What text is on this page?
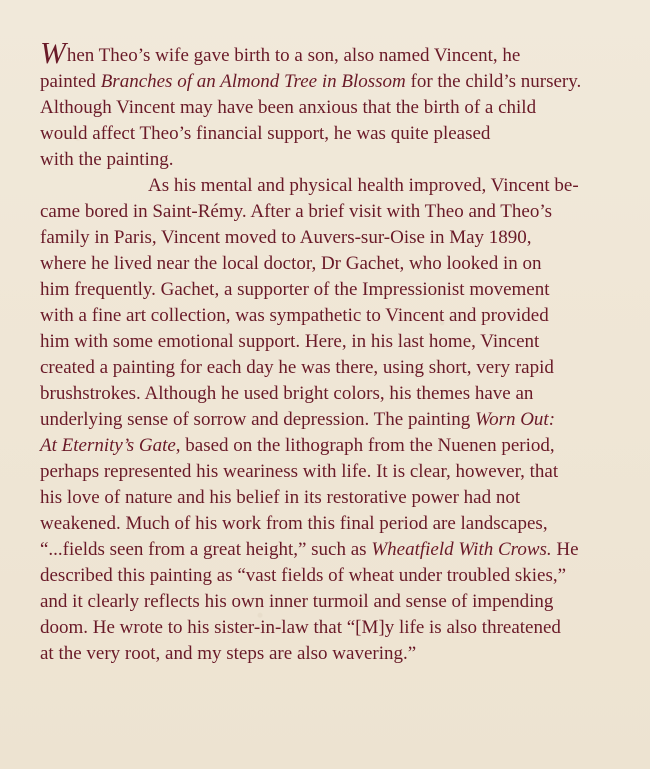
When Theo’s wife gave birth to a son, also named Vincent, he
painted Branches of an Almond Tree in Blossom for the child’s nursery.
Although Vincent may have been anxious that the birth of a child
would affect Theo’s financial support, he was quite pleased
with the painting.
As his mental and physical health improved, Vincent be-
came bored in Saint-Rémy. After a brief visit with Theo and Theo’s
family in Paris, Vincent moved to Auvers-sur-Oise in May 1890,
where he lived near the local doctor, Dr Gachet, who looked in on
him frequently. Gachet, a supporter of the Impressionist movement
with a fine art collection, was sympathetic to Vincent and provided
him with some emotional support. Here, in his last home, Vincent
created a painting for each day he was there, using short, very rapid
brushstrokes. Although he used bright colors, his themes have an
underlying sense of sorrow and depression. The painting Worn Out:
At Eternity’s Gate, based on the lithograph from the Nuenen period,
perhaps represented his weariness with life. It is clear, however, that
his love of nature and his belief in its restorative power had not
weakened. Much of his work from this final period are landscapes,
“...fields seen from a great height,” such as Wheatfield With Crows. He
described this painting as “vast fields of wheat under troubled skies,”
and it clearly reflects his own inner turmoil and sense of impending
doom. He wrote to his sister-in-law that “[M]y life is also threatened
at the very root, and my steps are also wavering.”
